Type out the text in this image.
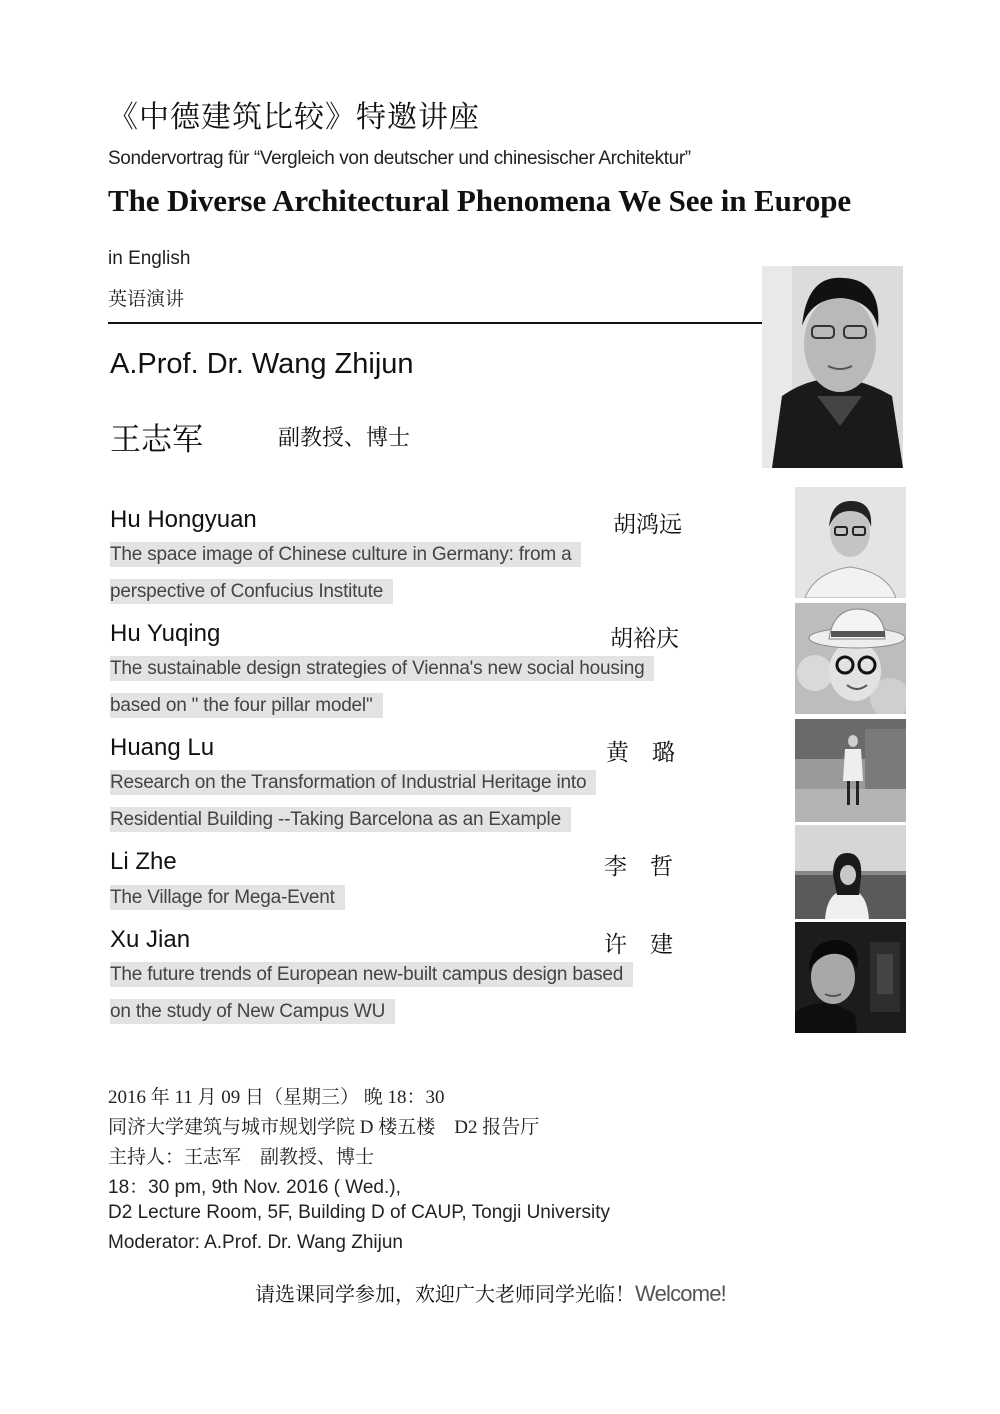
《中德建筑比较》特邀讲座
Sondervortrag für “Vergleich von deutscher und chinesischer Architektur”
The Diverse Architectural Phenomena We See in Europe
in English
英语演讲
A.Prof. Dr. Wang Zhijun
王志军	副教授、博士
Hu Hongyuan	胡鸿远
The space image of Chinese culture in Germany: from a
perspective of Confucius Institute
Hu Yuqing	胡裕庆
The sustainable design strategies of Vienna's new social housing
based on " the four pillar model"
Huang Lu	黄　璐
Research on the Transformation of Industrial Heritage into
Residential Building --Taking Barcelona as an Example
Li Zhe	李　哲
The Village for Mega-Event
Xu Jian	许　建
The future trends of European new-built campus design based
on the study of New Campus WU
2016 年 11 月 09 日（星期三） 晚 18：30
同济大学建筑与城市规划学院 D 楼五楼　D2 报告厅
主持人：王志军　副教授、博士
18：30 pm, 9th Nov. 2016 ( Wed.),
D2 Lecture Room, 5F, Building D of CAUP, Tongji University
Moderator: A.Prof. Dr. Wang Zhijun
请选课同学参加，欢迎广大老师同学光临！Welcome!
